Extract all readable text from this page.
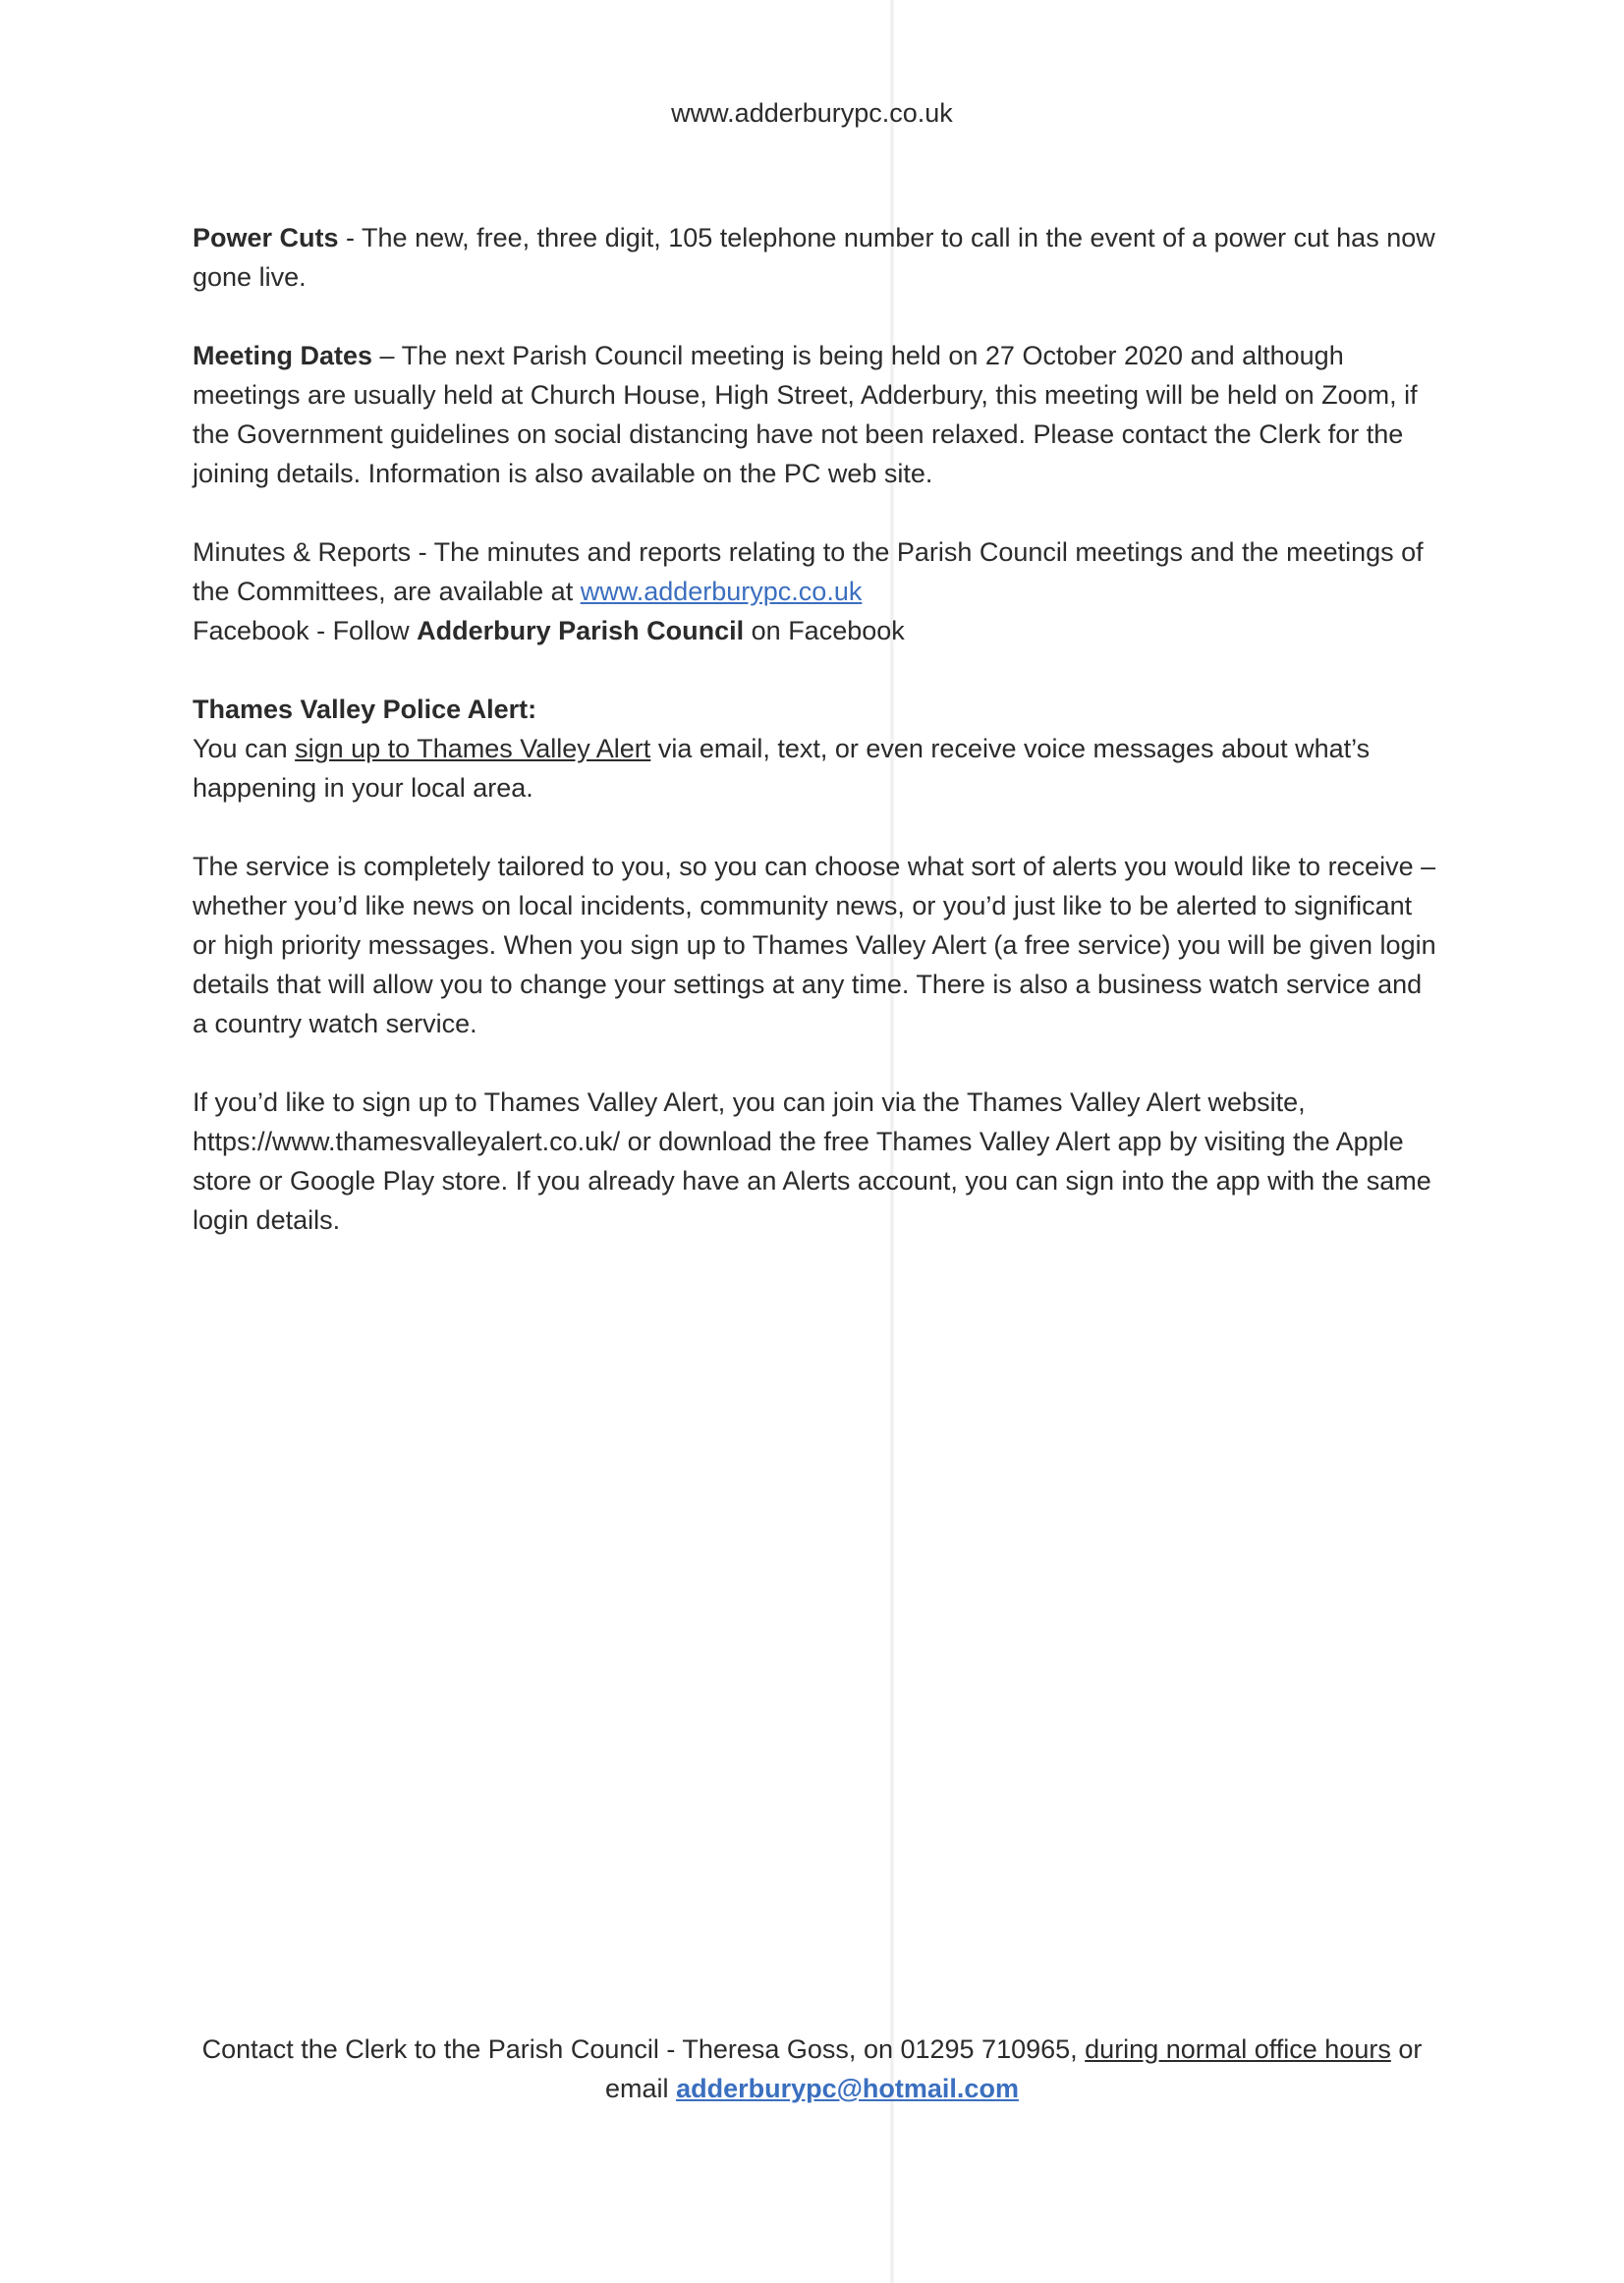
www.adderburypc.co.uk

Power Cuts - The new, free, three digit, 105 telephone number to call in the event of a power cut has now gone live.

Meeting Dates – The next Parish Council meeting is being held on 27 October 2020 and although meetings are usually held at Church House, High Street, Adderbury, this meeting will be held on Zoom, if the Government guidelines on social distancing have not been relaxed. Please contact the Clerk for the joining details. Information is also available on the PC web site.

Minutes & Reports - The minutes and reports relating to the Parish Council meetings and the meetings of the Committees, are available at www.adderburypc.co.uk

Facebook - Follow Adderbury Parish Council on Facebook

Thames Valley Police Alert:

You can sign up to Thames Valley Alert via email, text, or even receive voice messages about what’s happening in your local area.

The service is completely tailored to you, so you can choose what sort of alerts you would like to receive – whether you’d like news on local incidents, community news, or you’d just like to be alerted to significant or high priority messages. When you sign up to Thames Valley Alert (a free service) you will be given login details that will allow you to change your settings at any time. There is also a business watch service and a country watch service.

If you’d like to sign up to Thames Valley Alert, you can join via the Thames Valley Alert website, https://www.thamesvalleyalert.co.uk/ or download the free Thames Valley Alert app by visiting the Apple store or Google Play store. If you already have an Alerts account, you can sign into the app with the same login details.

Contact the Clerk to the Parish Council - Theresa Goss, on 01295 710965, during normal office hours or
email adderburypc@hotmail.com
